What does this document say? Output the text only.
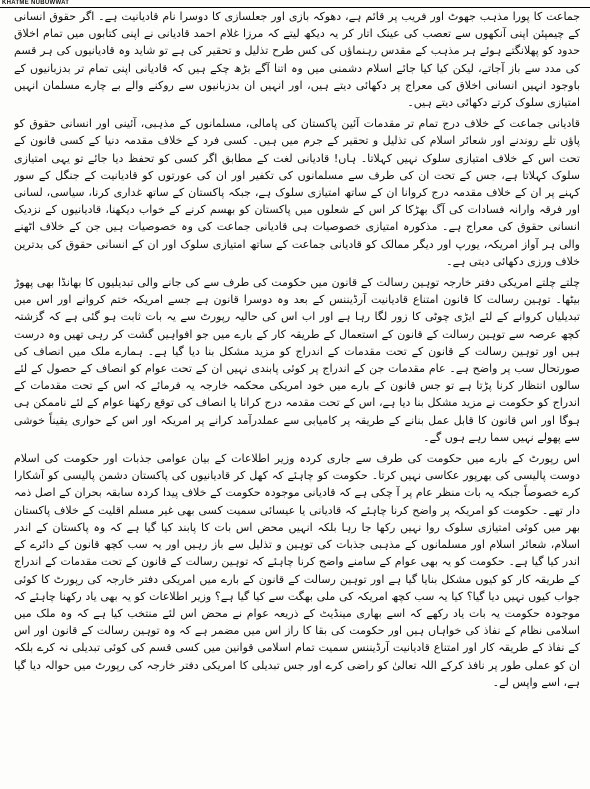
KHATME NUBUWWAT

جماعت کا پورا مذہب جھوٹ اور فریب پر قائم ہے، دھوکہ بازی اور جعلسازی کا دوسرا نام قادیانیت ہے۔ اگر حقوق انسانی کے چیمپئن اپنی آنکھوں سے تعصب کی عینک اتار کر یہ دیکھ لیتے کہ مرزا غلام احمد قادیانی نے اپنی کتابوں میں تمام اخلاق حدود کو پھلانگتے ہوئے ہر مذہب کے مقدس رہنماؤں کی کس طرح تذلیل و تحقیر کی ہے تو شاید وہ قادیانیوں کی ہر قسم کی مدد سے باز آجاتے، لیکن کیا کیا جائے اسلام دشمنی میں وہ اتنا آگے بڑھ چکے ہیں کہ قادیانی اپنی تمام تر بدزبانیوں کے باوجود انہیں انسانی اخلاق کی معراج پر دکھائی دیتے ہیں، اور انہیں ان بدزبانیوں سے روکنے والے بے چارے مسلمان انہیں امتیازی سلوک کرتے دکھائی دیتے ہیں۔

قادیانی جماعت کے خلاف درج تمام تر مقدمات آئین پاکستان کی پامالی، مسلمانوں کے مذہبی، آئینی اور انسانی حقوق کو پاؤں تلے روندنے اور شعائر اسلام کی تذلیل و تحقیر کے جرم میں ہیں۔ کسی فرد کے خلاف مقدمہ دنیا کے کسی قانون کے تحت اس کے خلاف امتیازی سلوک نہیں کہلاتا۔ ہاں! قادیانی لغت کے مطابق اگر کسی کو تحفظ دیا جائے تو یہی امتیازی سلوک کہلاتا ہے، جس کے تحت ان کی طرف سے مسلمانوں کی تکفیر اور ان کی عورتوں کو قادیانیت کے جنگل کے سور کہنے پر ان کے خلاف مقدمہ درج کروانا ان کے ساتھ امتیازی سلوک ہے، جبکہ پاکستان کے ساتھ غداری کرنا، سیاسی، لسانی اور فرقہ وارانہ فسادات کی آگ بھڑکا کر اس کے شعلوں میں پاکستان کو بھسم کرنے کے خواب دیکھنا، قادیانیوں کے نزدیک انسانی حقوق کی معراج ہے۔ مذکورہ امتیازی خصوصیات ہی قادیانی جماعت کی وہ خصوصیات ہیں جن کے خلاف اٹھنے والی ہر آواز امریکہ، یورپ اور دیگر ممالک کو قادیانی جماعت کے ساتھ امتیازی سلوک اور ان کے انسانی حقوق کی بدترین خلاف ورزی دکھائی دیتی ہے۔

چلتے چلتے امریکی دفتر خارجہ توہین رسالت کے قانون میں حکومت کی طرف سے کی جانے والی تبدیلیوں کا بھانڈا بھی پھوڑ بیٹھا۔ توہین رسالت کا قانون امتناع قادیانیت آرڈیننس کے بعد وہ دوسرا قانون ہے جسے امریکہ ختم کروانے اور اس میں تبدیلیاں کروانے کے لئے ایڑی چوٹی کا زور لگا رہا ہے اور اب اس کی حالیہ رپورٹ سے یہ بات ثابت ہو گئی ہے کہ گزشتہ کچھ عرصہ سے توہین رسالت کے قانون کے استعمال کے طریقہ کار کے بارے میں جو افواہیں گشت کر رہی تھیں وہ درست ہیں اور توہین رسالت کے قانون کے تحت مقدمات کے اندراج کو مزید مشکل بنا دیا گیا ہے۔ ہمارے ملک میں انصاف کی صورتحال سب پر واضح ہے۔ عام مقدمات جن کے اندراج پر کوئی پابندی نہیں ان کے تحت عوام کو انصاف کے حصول کے لئے سالوں انتظار کرنا پڑتا ہے تو جس قانون کے بارے میں خود امریکی محکمہ خارجہ یہ فرمائے کہ اس کے تحت مقدمات کے اندراج کو حکومت نے مزید مشکل بنا دیا ہے، اس کے تحت مقدمہ درج کرانا یا انصاف کی توقع رکھنا عوام کے لئے ناممکن ہی ہوگا اور اس قانون کا قابل عمل بنانے کے طریقہ پر کامیابی سے عملدرآمد کرانے پر امریکہ اور اس کے حواری یقیناً خوشی سے پھولے نہیں سما رہے ہوں گے۔

اس رپورٹ کے بارے میں حکومت کی طرف سے جاری کردہ وزیر اطلاعات کے بیان عوامی جذبات اور حکومت کی اسلام دوست پالیسی کی بھرپور عکاسی نہیں کرتا۔ حکومت کو چاہئے کہ کھل کر قادیانیوں کی پاکستان دشمن پالیسی کو آشکارا کرے خصوصاً جبکہ یہ بات منظر عام پر آ چکی ہے کہ قادیانی موجودہ حکومت کے خلاف پیدا کردہ سابقہ بحران کے اصل ذمہ دار تھے۔ حکومت کو امریکہ پر واضح کرنا چاہئے کہ قادیانی یا عیسائی سمیت کسی بھی غیر مسلم اقلیت کے خلاف پاکستان بھر میں کوئی امتیازی سلوک روا نہیں رکھا جا رہا بلکہ انہیں محض اس بات کا پابند کیا گیا ہے کہ وہ پاکستان کے اندر اسلام، شعائر اسلام اور مسلمانوں کے مذہبی جذبات کی توہین و تذلیل سے باز رہیں اور یہ سب کچھ قانون کے دائرے کے اندر کیا گیا ہے۔ حکومت کو یہ بھی عوام کے سامنے واضح کرنا چاہئے کہ توہین رسالت کے قانون کے تحت مقدمات کے اندراج کے طریقہ کار کو کیوں مشکل بنایا گیا ہے اور توہین رسالت کے قانون کے بارے میں امریکی دفتر خارجہ کی رپورٹ کا کوئی جواب کیوں نہیں دیا گیا؟ کیا یہ سب کچھ امریکہ کی ملی بھگت سے کیا گیا ہے؟ وزیر اطلاعات کو یہ بھی یاد رکھنا چاہئے کہ موجودہ حکومت یہ بات یاد رکھے کہ اسے بھاری مینڈیٹ کے ذریعہ عوام نے محض اس لئے منتخب کیا ہے کہ وہ ملک میں اسلامی نظام کے نفاذ کی خواہاں ہیں اور حکومت کی بقا کا راز اس میں مضمر ہے کہ وہ توہین رسالت کے قانون اور اس کے نفاذ کے طریقہ کار اور امتناع قادیانیت آرڈیننس سمیت تمام اسلامی قوانین میں کسی قسم کی کوئی تبدیلی نہ کرے بلکہ ان کو عملی طور پر نافذ کرکے اللہ تعالیٰ کو راضی کرے اور جس تبدیلی کا امریکی دفتر خارجہ کی رپورٹ میں حوالہ دیا گیا ہے، اسے واپس لے۔
